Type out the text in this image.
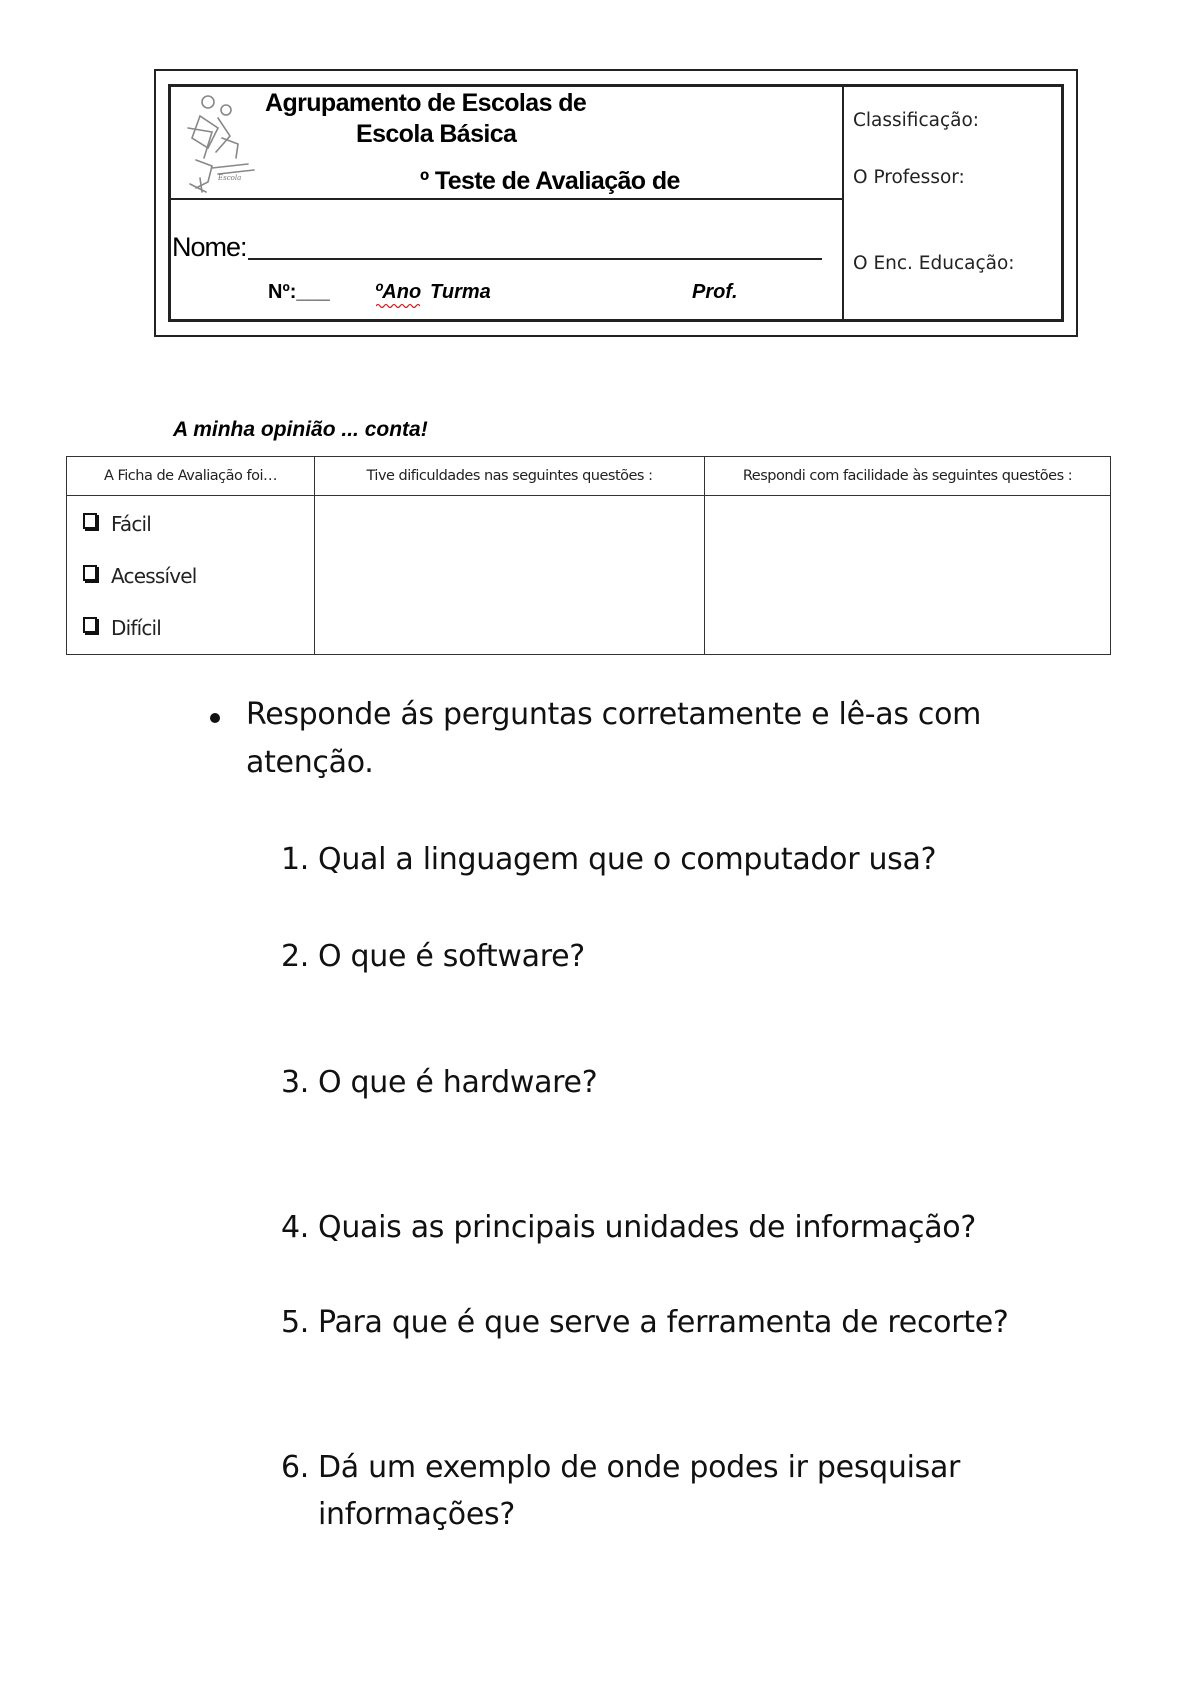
Escola
Agrupamento de Escolas de
Escola Básica
º Teste de Avaliação de
Nome:
Nº:___ ºAno Turma	Prof.
Classificação:
O Professor:
O Enc. Educação:
A minha opinião ... conta!
A Ficha de Avaliação foi…	Tive dificuldades nas seguintes questões :	Respondi com facilidade às seguintes questões :

Fácil
Acessível
Difícil		

Responde ás perguntas corretamente e lê-as com
atenção.
1. Qual a linguagem que o computador usa?
2. O que é software?
3. O que é hardware?
4. Quais as principais unidades de informação?
5. Para que é que serve a ferramenta de recorte?
6. Dá um exemplo de onde podes ir pesquisar
informações?
